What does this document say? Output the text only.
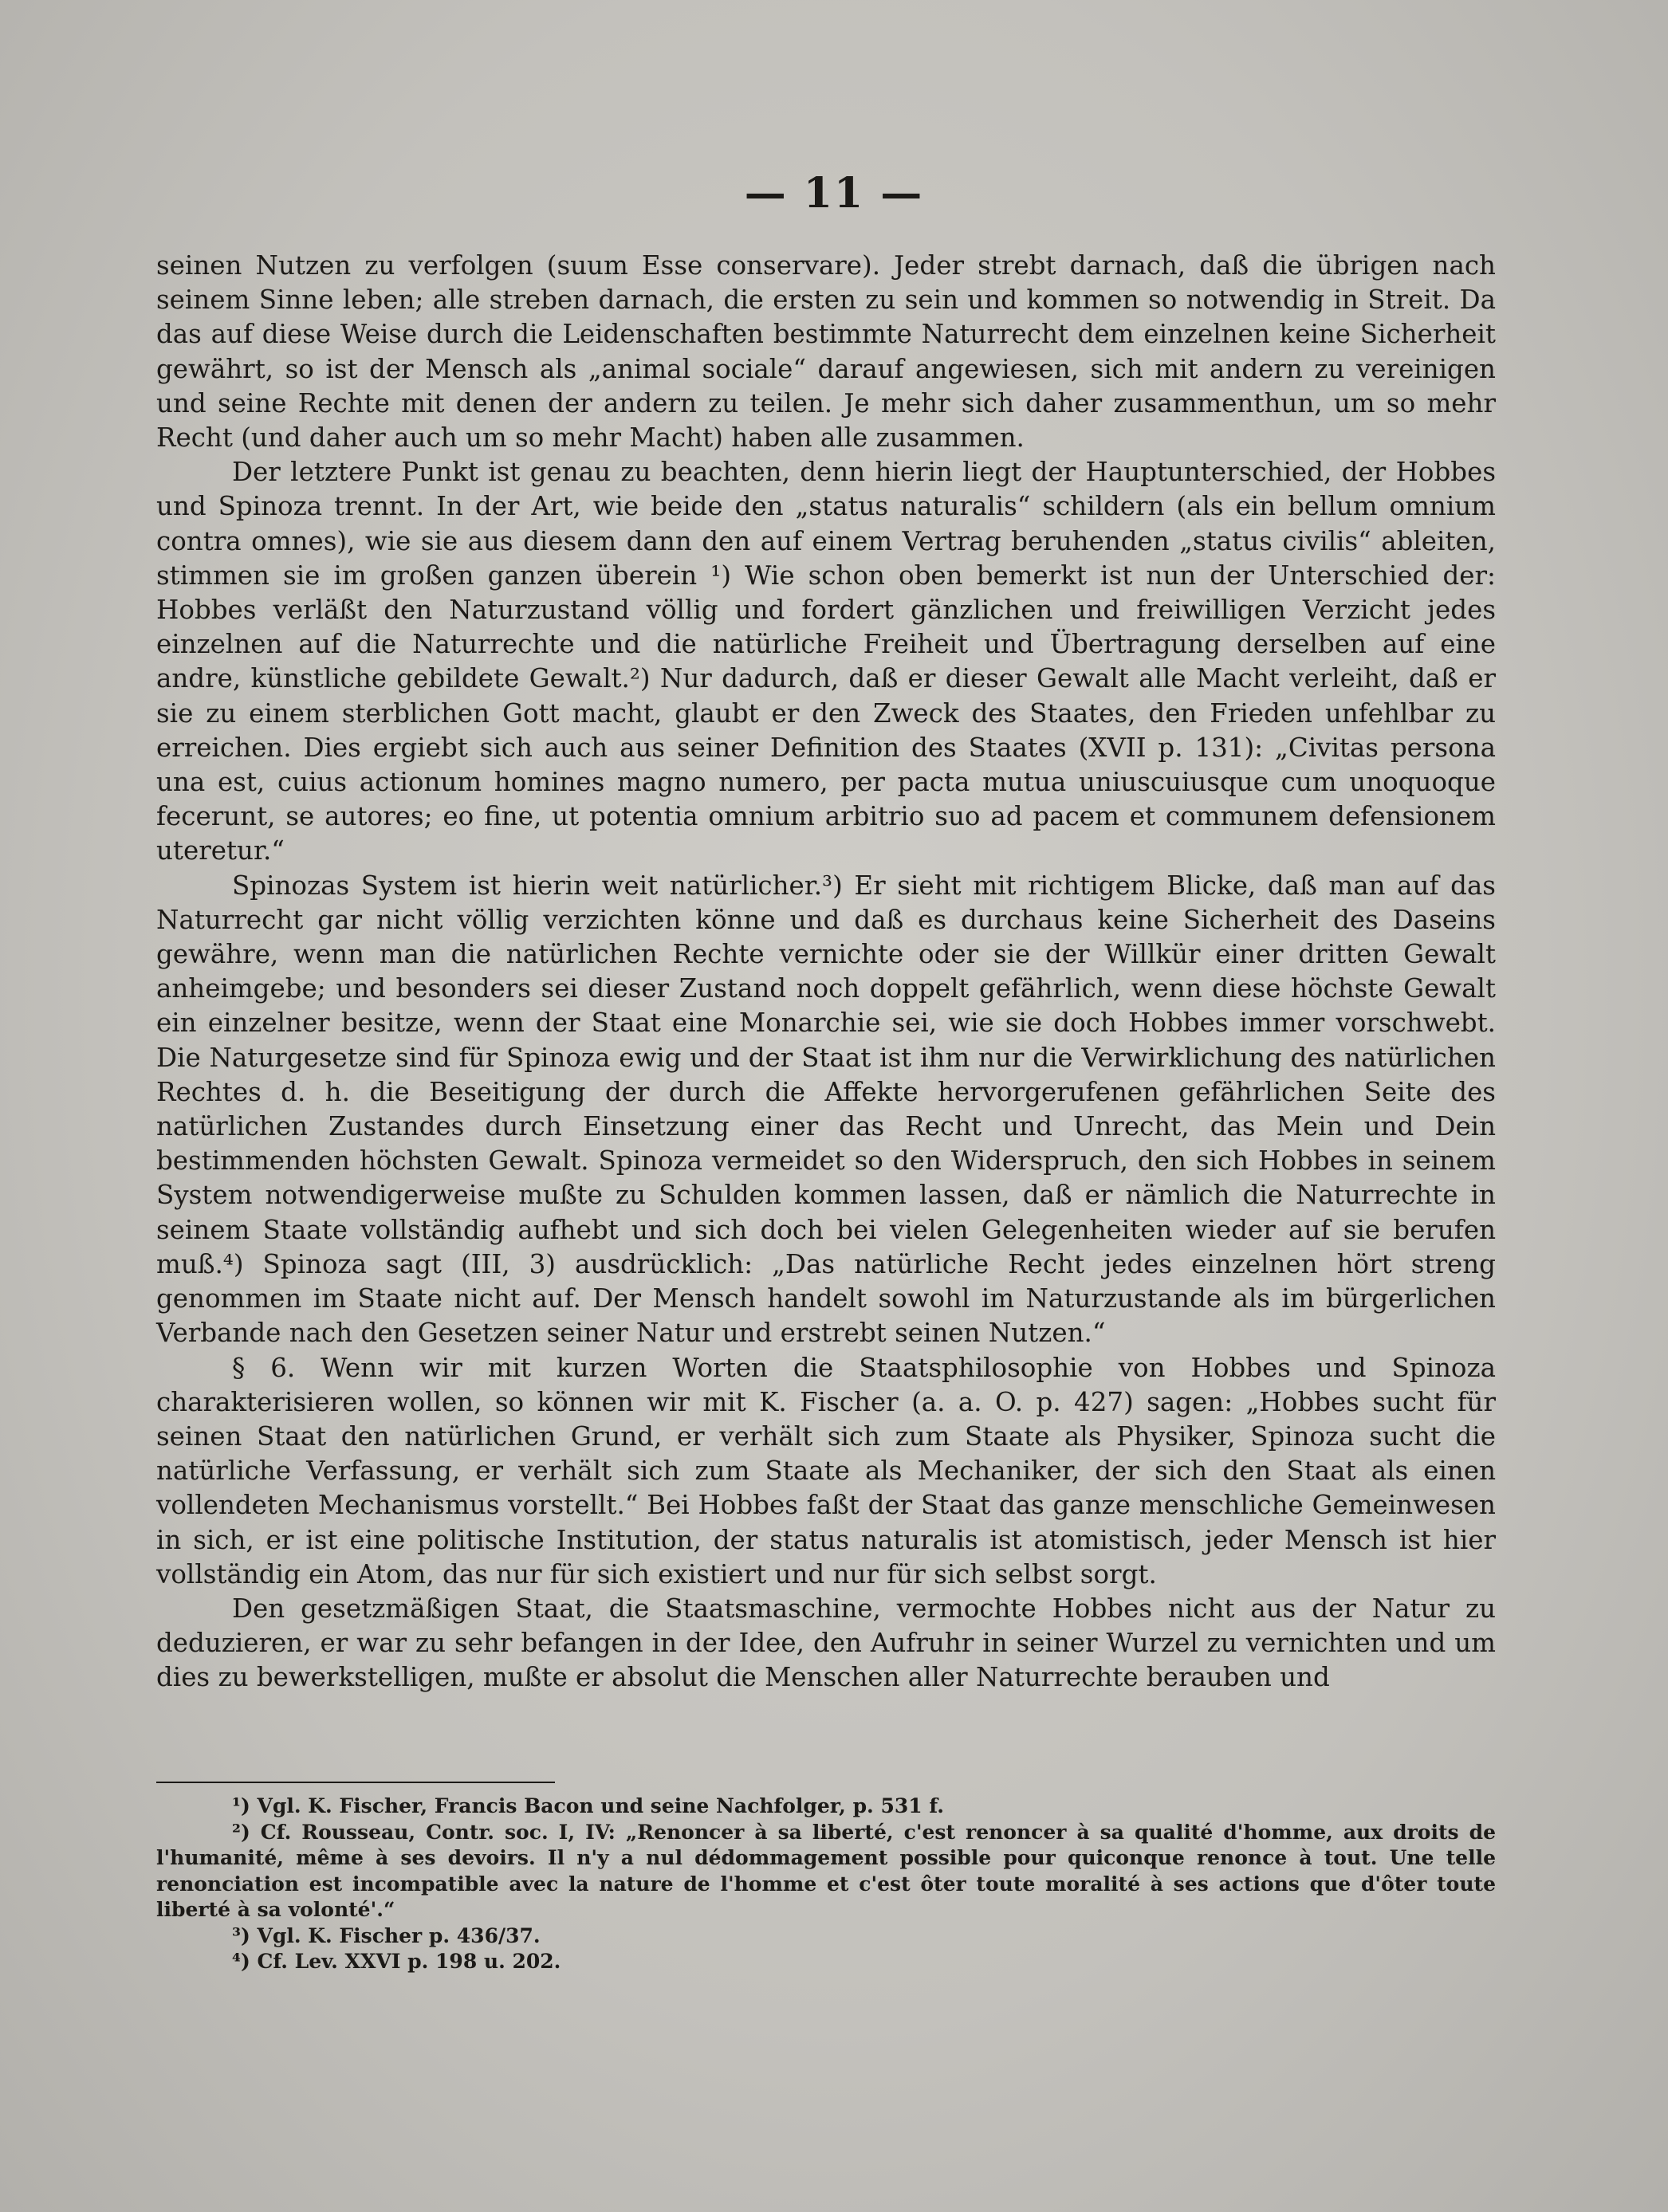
— 11 —

seinen Nutzen zu verfolgen (suum Esse conservare). Jeder strebt darnach, daß die übrigen nach seinem Sinne leben; alle streben darnach, die ersten zu sein und kommen so notwendig in Streit. Da das auf diese Weise durch die Leidenschaften bestimmte Naturrecht dem einzelnen keine Sicherheit gewährt, so ist der Mensch als „animal sociale“ darauf angewiesen, sich mit andern zu vereinigen und seine Rechte mit denen der andern zu teilen. Je mehr sich daher zusammenthun, um so mehr Recht (und daher auch um so mehr Macht) haben alle zusammen.

Der letztere Punkt ist genau zu beachten, denn hierin liegt der Hauptunterschied, der Hobbes und Spinoza trennt. In der Art, wie beide den „status naturalis“ schildern (als ein bellum omnium contra omnes), wie sie aus diesem dann den auf einem Vertrag beruhenden „status civilis“ ableiten, stimmen sie im großen ganzen überein ¹) Wie schon oben bemerkt ist nun der Unterschied der: Hobbes verläßt den Naturzustand völlig und fordert gänzlichen und freiwilligen Verzicht jedes einzelnen auf die Naturrechte und die natürliche Freiheit und Übertragung derselben auf eine andre, künstliche gebildete Gewalt.²) Nur dadurch, daß er dieser Gewalt alle Macht verleiht, daß er sie zu einem sterblichen Gott macht, glaubt er den Zweck des Staates, den Frieden unfehlbar zu erreichen. Dies ergiebt sich auch aus seiner Definition des Staates (XVII p. 131): „Civitas persona una est, cuius actionum homines magno numero, per pacta mutua uniuscuiusque cum unoquoque fecerunt, se autores; eo fine, ut potentia omnium arbitrio suo ad pacem et communem defensionem uteretur.“

Spinozas System ist hierin weit natürlicher.³) Er sieht mit richtigem Blicke, daß man auf das Naturrecht gar nicht völlig verzichten könne und daß es durchaus keine Sicherheit des Daseins gewähre, wenn man die natürlichen Rechte vernichte oder sie der Willkür einer dritten Gewalt anheimgebe; und besonders sei dieser Zustand noch doppelt gefährlich, wenn diese höchste Gewalt ein einzelner besitze, wenn der Staat eine Monarchie sei, wie sie doch Hobbes immer vorschwebt. Die Naturgesetze sind für Spinoza ewig und der Staat ist ihm nur die Verwirklichung des natürlichen Rechtes d. h. die Beseitigung der durch die Affekte hervorgerufenen gefährlichen Seite des natürlichen Zustandes durch Einsetzung einer das Recht und Unrecht, das Mein und Dein bestimmenden höchsten Gewalt. Spinoza vermeidet so den Widerspruch, den sich Hobbes in seinem System notwendigerweise mußte zu Schulden kommen lassen, daß er nämlich die Naturrechte in seinem Staate vollständig aufhebt und sich doch bei vielen Gelegenheiten wieder auf sie berufen muß.⁴) Spinoza sagt (III, 3) ausdrücklich: „Das natürliche Recht jedes einzelnen hört streng genommen im Staate nicht auf. Der Mensch handelt sowohl im Naturzustande als im bürgerlichen Verbande nach den Gesetzen seiner Natur und erstrebt seinen Nutzen.“

§ 6. Wenn wir mit kurzen Worten die Staatsphilosophie von Hobbes und Spinoza charakterisieren wollen, so können wir mit K. Fischer (a. a. O. p. 427) sagen: „Hobbes sucht für seinen Staat den natürlichen Grund, er verhält sich zum Staate als Physiker, Spinoza sucht die natürliche Verfassung, er verhält sich zum Staate als Mechaniker, der sich den Staat als einen vollendeten Mechanismus vorstellt.“ Bei Hobbes faßt der Staat das ganze menschliche Gemeinwesen in sich, er ist eine politische Institution, der status naturalis ist atomistisch, jeder Mensch ist hier vollständig ein Atom, das nur für sich existiert und nur für sich selbst sorgt.

Den gesetzmäßigen Staat, die Staatsmaschine, vermochte Hobbes nicht aus der Natur zu deduzieren, er war zu sehr befangen in der Idee, den Aufruhr in seiner Wurzel zu vernichten und um dies zu bewerkstelligen, mußte er absolut die Menschen aller Naturrechte berauben und

¹) Vgl. K. Fischer, Francis Bacon und seine Nachfolger, p. 531 f.

²) Cf. Rousseau, Contr. soc. I, IV: „Renoncer à sa liberté, c'est renoncer à sa qualité d'homme, aux droits de l'humanité, même à ses devoirs. Il n'y a nul dédommagement possible pour quiconque renonce à tout. Une telle renonciation est incompatible avec la nature de l'homme et c'est ôter toute moralité à ses actions que d'ôter toute liberté à sa volonté'.“

³) Vgl. K. Fischer p. 436/37.

⁴) Cf. Lev. XXVI p. 198 u. 202.
